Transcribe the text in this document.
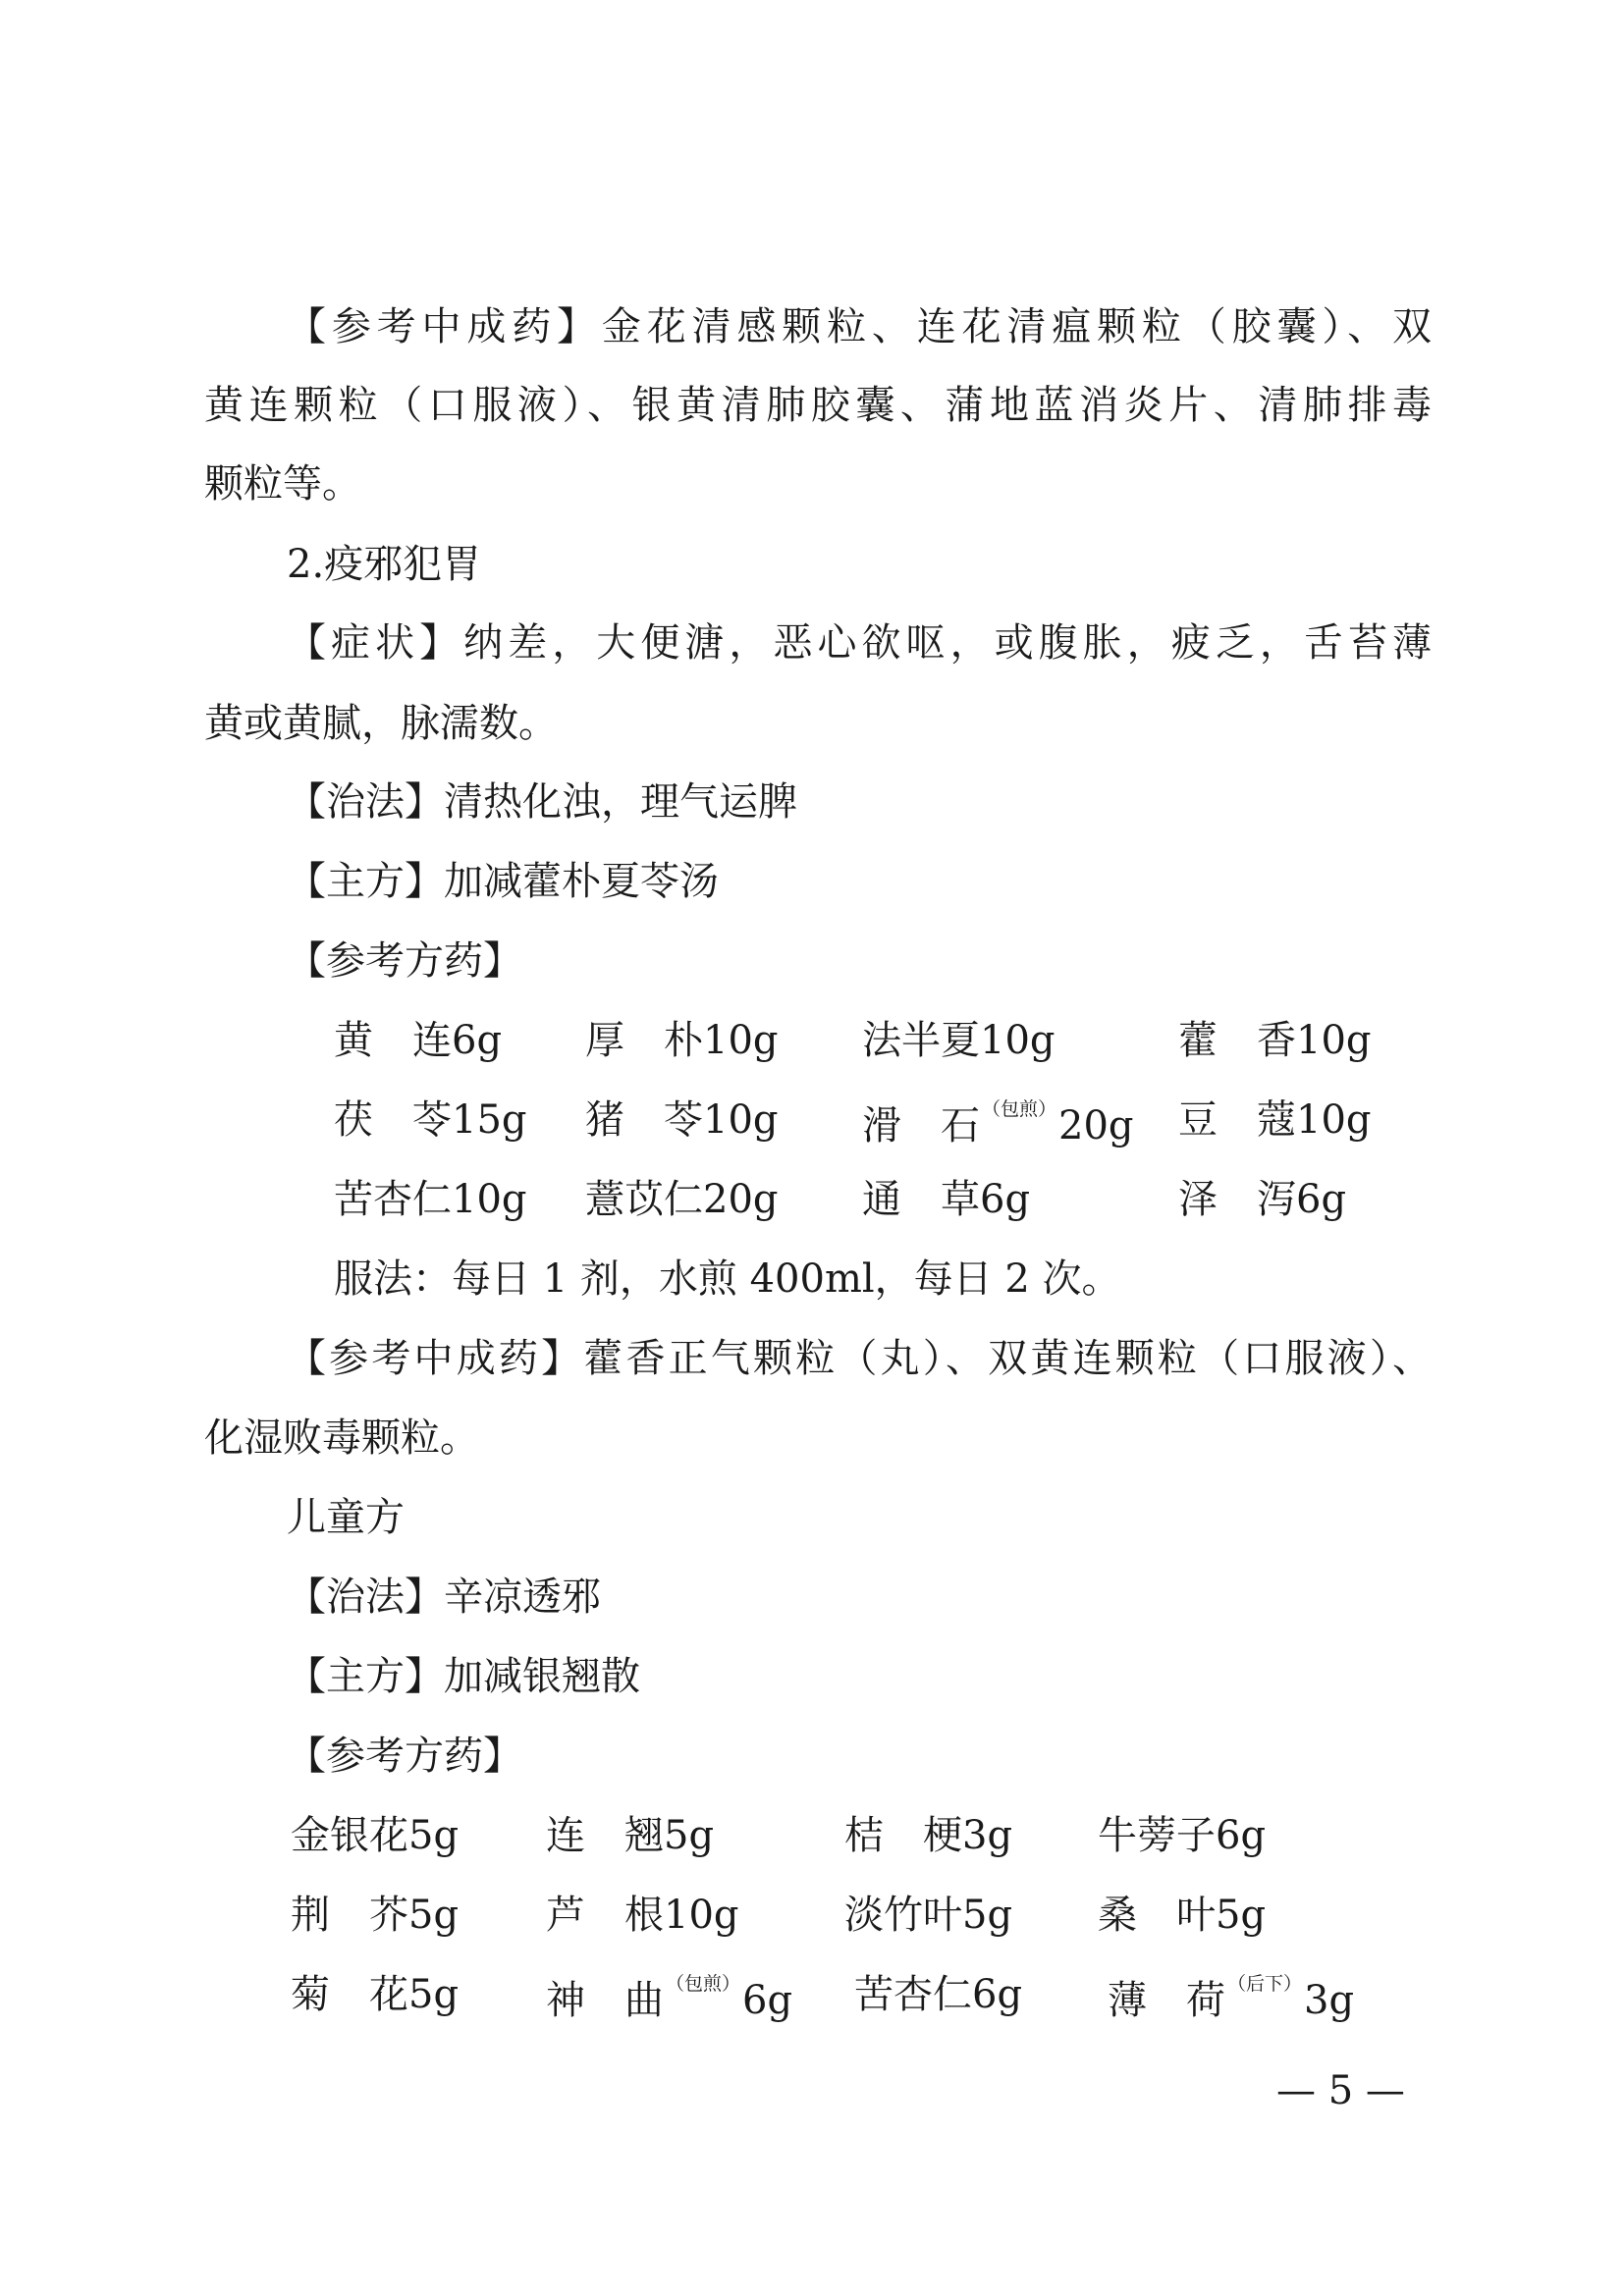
【参考中成药】金花清感颗粒、连花清瘟颗粒（胶囊）、双
黄连颗粒（口服液）、银黄清肺胶囊、蒲地蓝消炎片、清肺排毒
颗粒等。
2.疫邪犯胃
【症状】纳差，大便溏，恶心欲呕，或腹胀，疲乏，舌苔薄
黄或黄腻，脉濡数。
【治法】清热化浊，理气运脾
【主方】加减藿朴夏苓汤
【参考方药】
黄　连6g 厚　朴10g 法半夏10g	藿　香10g
茯　苓15g 猪　苓10g 滑　石 $^{(包煎)}$20g 豆　蔻10g
苦杏仁10g 薏苡仁20g 通　草6g	泽　泻6g
服法：每日 1 剂，水煎 400ml，每日 2 次。
【参考中成药】藿香正气颗粒（丸）、双黄连颗粒（口服液）、
化湿败毒颗粒。
儿童方
【治法】辛凉透邪
【主方】加减银翘散
【参考方药】
金银花5g 连　翘5g	桔　梗3g 牛蒡子6g
荆　芥5g 芦　根10g	淡竹叶5g 桑　叶5g
菊　花5g 神　曲 $^{(包煎)}$6g 苦杏仁6g 薄　荷 $^{(后下)}$3g
— 5 —
